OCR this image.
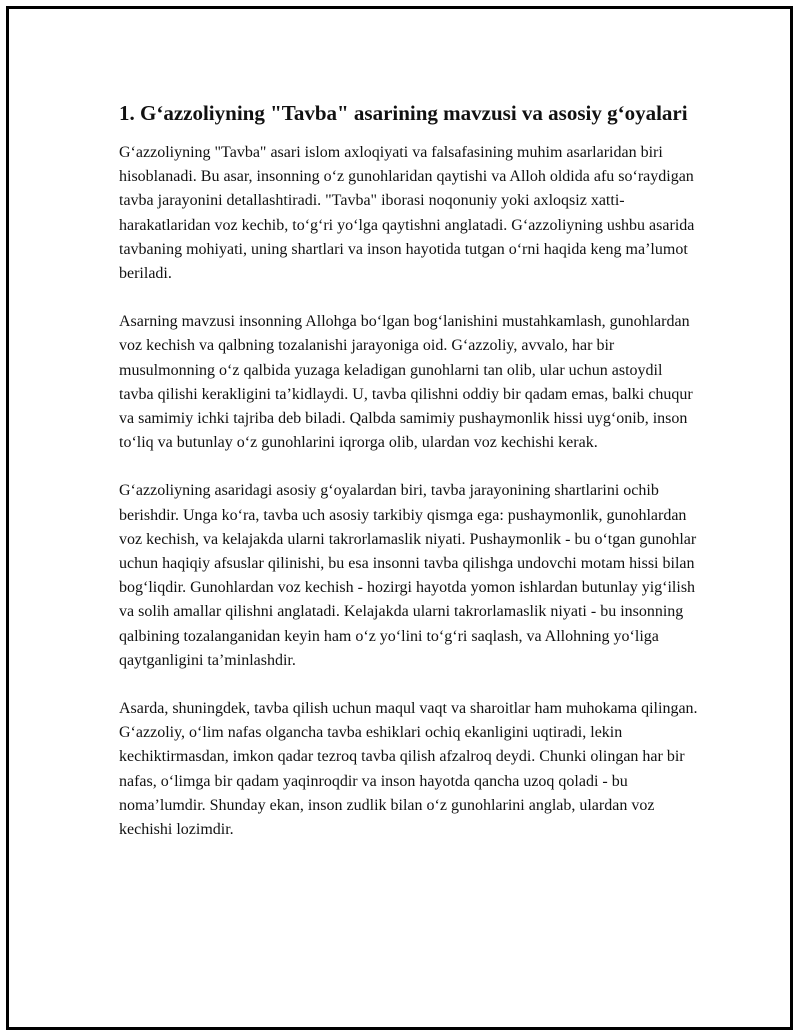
1. G‘azzoliyning "Tavba" asarining mavzusi va asosiy g‘oyalari

G‘azzoliyning "Tavba" asari islom axloqiyati va falsafasining muhim asarlaridan biri hisoblanadi. Bu asar, insonning o‘z gunohlaridan qaytishi va Alloh oldida afu so‘raydigan tavba jarayonini detallashtiradi. "Tavba" iborasi noqonuniy yoki axloqsiz xatti-harakatlaridan voz kechib, to‘g‘ri yo‘lga qaytishni anglatadi. G‘azzoliyning ushbu asarida tavbaning mohiyati, uning shartlari va inson hayotida tutgan o‘rni haqida keng ma’lumot beriladi.

Asarning mavzusi insonning Allohga bo‘lgan bog‘lanishini mustahkamlash, gunohlardan voz kechish va qalbning tozalanishi jarayoniga oid. G‘azzoliy, avvalo, har bir musulmonning o‘z qalbida yuzaga keladigan gunohlarni tan olib, ular uchun astoydil tavba qilishi kerakligini ta’kidlaydi. U, tavba qilishni oddiy bir qadam emas, balki chuqur va samimiy ichki tajriba deb biladi. Qalbda samimiy pushaymonlik hissi uyg‘onib, inson to‘liq va butunlay o‘z gunohlarini iqrorga olib, ulardan voz kechishi kerak.

G‘azzoliyning asaridagi asosiy g‘oyalardan biri, tavba jarayonining shartlarini ochib berishdir. Unga ko‘ra, tavba uch asosiy tarkibiy qismga ega: pushaymonlik, gunohlardan voz kechish, va kelajakda ularni takrorlamaslik niyati. Pushaymonlik - bu o‘tgan gunohlar uchun haqiqiy afsuslar qilinishi, bu esa insonni tavba qilishga undovchi motam hissi bilan bog‘liqdir. Gunohlardan voz kechish - hozirgi hayotda yomon ishlardan butunlay yig‘ilish va solih amallar qilishni anglatadi. Kelajakda ularni takrorlamaslik niyati - bu insonning qalbining tozalanganidan keyin ham o‘z yo‘lini to‘g‘ri saqlash, va Allohning yo‘liga qaytganligini ta’minlashdir.

Asarda, shuningdek, tavba qilish uchun maqul vaqt va sharoitlar ham muhokama qilingan. G‘azzoliy, o‘lim nafas olgancha tavba eshiklari ochiq ekanligini uqtiradi, lekin kechiktirmasdan, imkon qadar tezroq tavba qilish afzalroq deydi. Chunki olingan har bir nafas, o‘limga bir qadam yaqinroqdir va inson hayotda qancha uzoq qoladi - bu noma’lumdir. Shunday ekan, inson zudlik bilan o‘z gunohlarini anglab, ulardan voz kechishi lozimdir.
